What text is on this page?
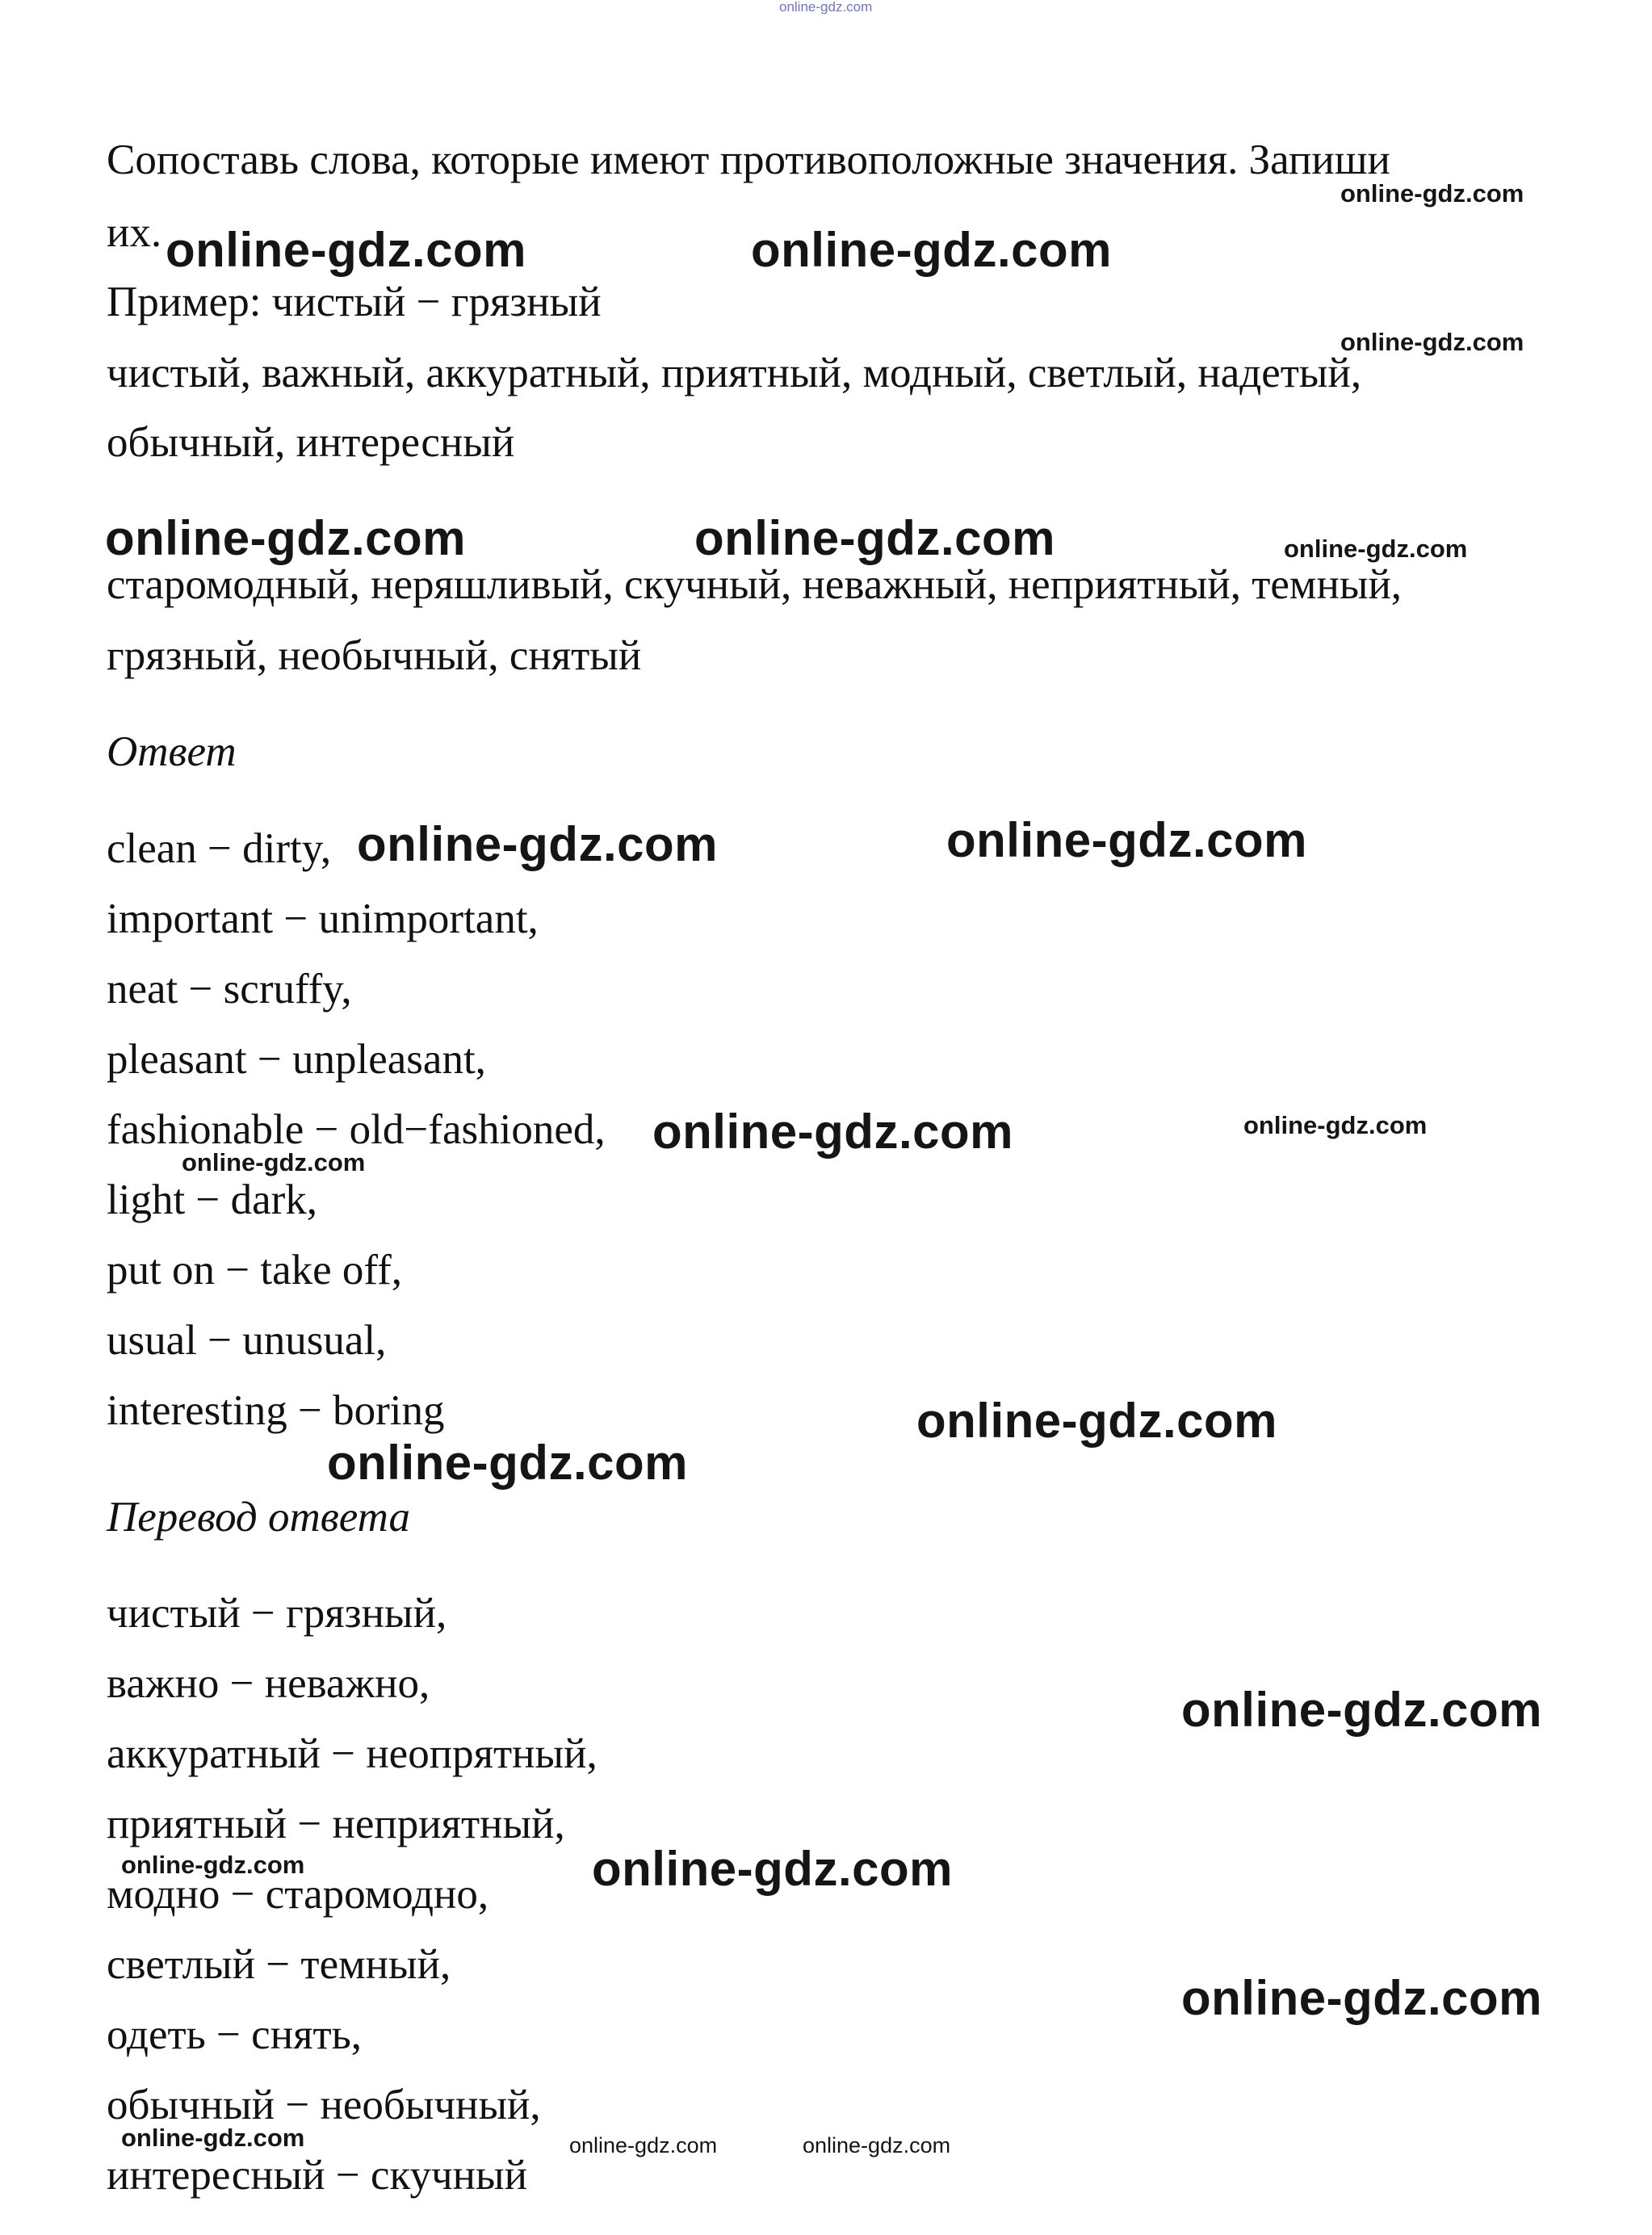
Сопоставь слова, которые имеют противоположные значения. Запиши
их.
Пример: чистый − грязный
чистый, важный, аккуратный, приятный, модный, светлый, надетый,
обычный, интересный
старомодный, неряшливый, скучный, неважный, неприятный, темный,
грязный, необычный, снятый
Ответ
clean − dirty,
important − unimportant,
neat − scruffy,
pleasant − unpleasant,
fashionable − old−fashioned,
light − dark,
put on − take off,
usual − unusual,
interesting − boring
Перевод ответа
чистый − грязный,
важно − неважно,
аккуратный − неопрятный,
приятный − неприятный,
модно − старомодно,
светлый − темный,
одеть − снять,
обычный − необычный,
интересный − скучный
online-gdz.com
online-gdz.com	online-gdz.com
online-gdz.com
online-gdz.com
online-gdz.com	online-gdz.com	online-gdz.com
online-gdz.com	online-gdz.com
online-gdz.com	online-gdz.com
online-gdz.com
online-gdz.com
online-gdz.com
online-gdz.com
online-gdz.com	online-gdz.com
online-gdz.com
online-gdz.com	online-gdz.com	online-gdz.com
